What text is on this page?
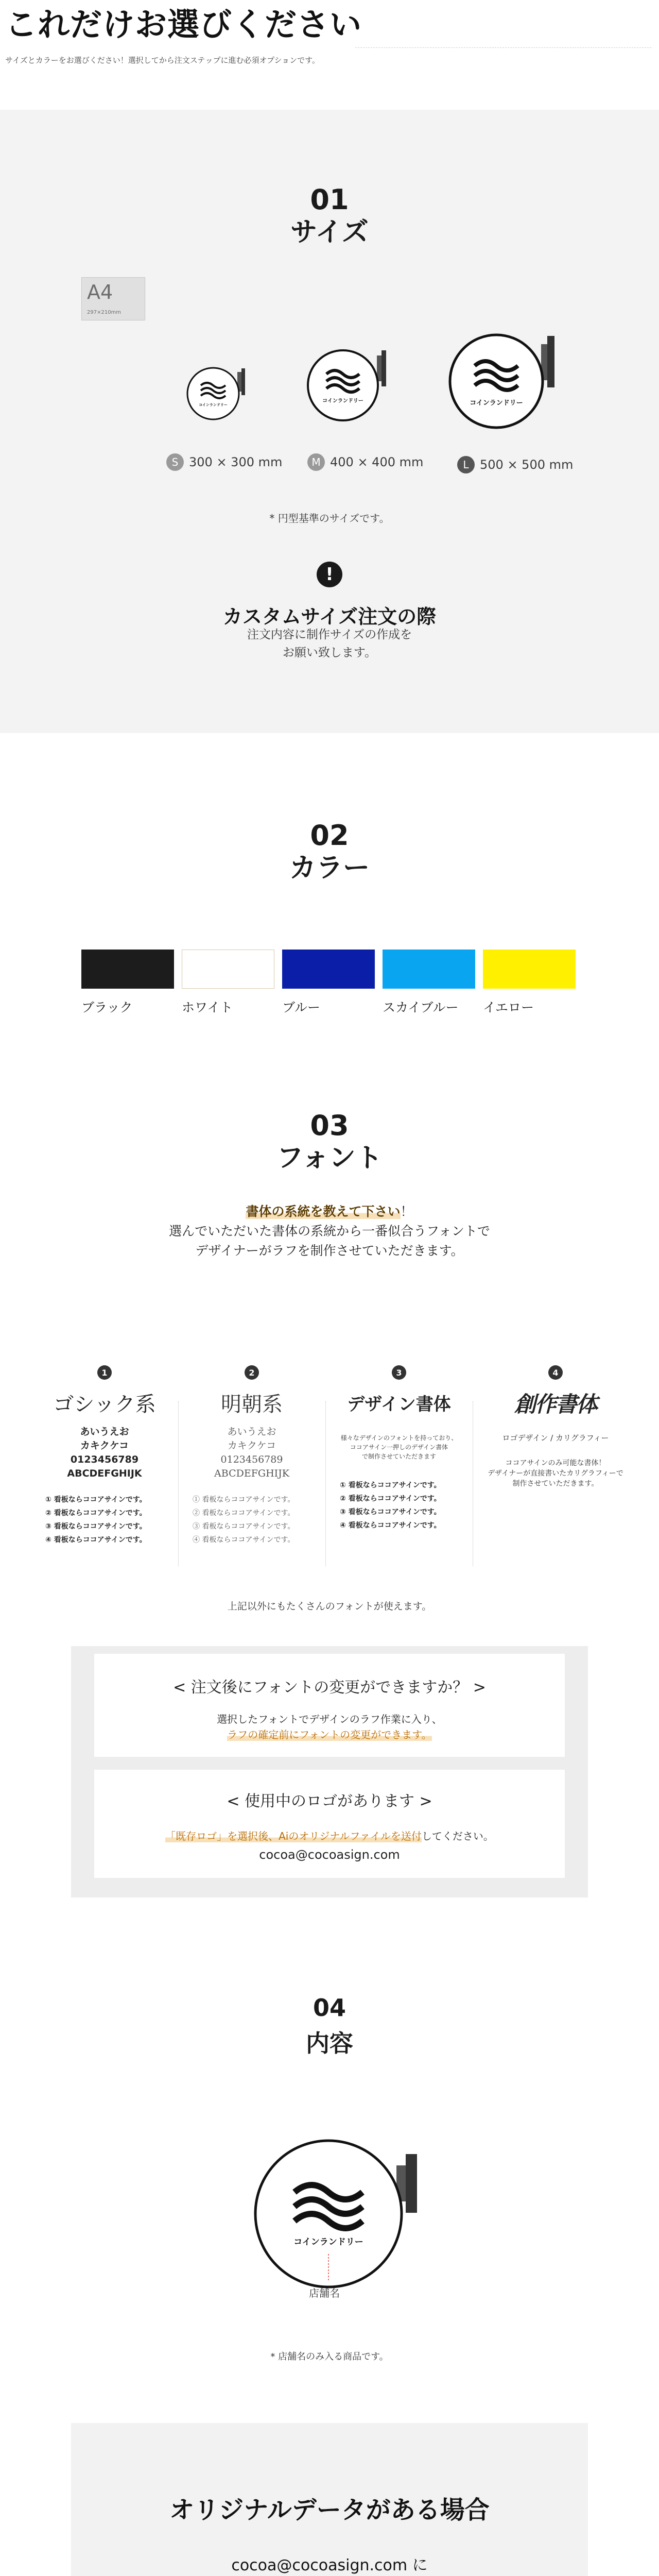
これだけお選びください

サイズとカラーをお選びください！選択してから注文ステップに進む必須オプションです。

01
サイズ
A4
297×210mm
コインランドリー
コインランドリー	コインランドリー
S 300 × 300 mm	M 400 × 400 mm	L 500 × 500 mm
* 円型基準のサイズです。
!
カスタムサイズ注文の際
注文内容に制作サイズの作成を
お願い致します。
02
カラー
ブラック	ホワイト	ブルー	スカイブルー イエロー
03
フォント
書体の系統を教えて下さい！
選んでいただいた書体の系統から一番似合うフォントで
デザイナーがラフを制作させていただきます。
1
ゴシック系
あいうえお
カキクケコ
0123456789
ABCDEFGHIJK
① 看板ならココアサインです。
② 看板ならココアサインです。
③ 看板ならココアサインです。
④ 看板ならココアサインです。
2
明朝系
あいうえお
カキクケコ
0123456789
ABCDEFGHIJK
① 看板ならココアサインです。
② 看板ならココアサインです。
③ 看板ならココアサインです。
④ 看板ならココアサインです。
3
デザイン書体
様々なデザインのフォントを持っており、
ココアサイン一押しのデザイン書体
で制作させていただきます
① 看板ならココアサインです。
② 看板ならココアサインです。
③ 看板ならココアサインです。
④ 看板ならココアサインです。
4
創作書体
ロゴデザイン / カリグラフィー
ココアサインのみ可能な書体！
デザイナーが直接書いたカリグラフィーで
制作させていただきます。
上記以外にもたくさんのフォントが使えます。
< 注文後にフォントの変更ができますか？ >

選択したフォントでデザインのラフ作業に入り、

ラフの確定前にフォントの変更ができます。

< 使用中のロゴがあります >

「既存ロゴ」を選択後、Aiのオリジナルファイルを送付してください。

cocoa@cocoasign.com

04
内容
コインランドリー
店舗名
* 店舗名のみ入る商品です。
オリジナルデータがある場合
cocoa@cocoasign.com に
